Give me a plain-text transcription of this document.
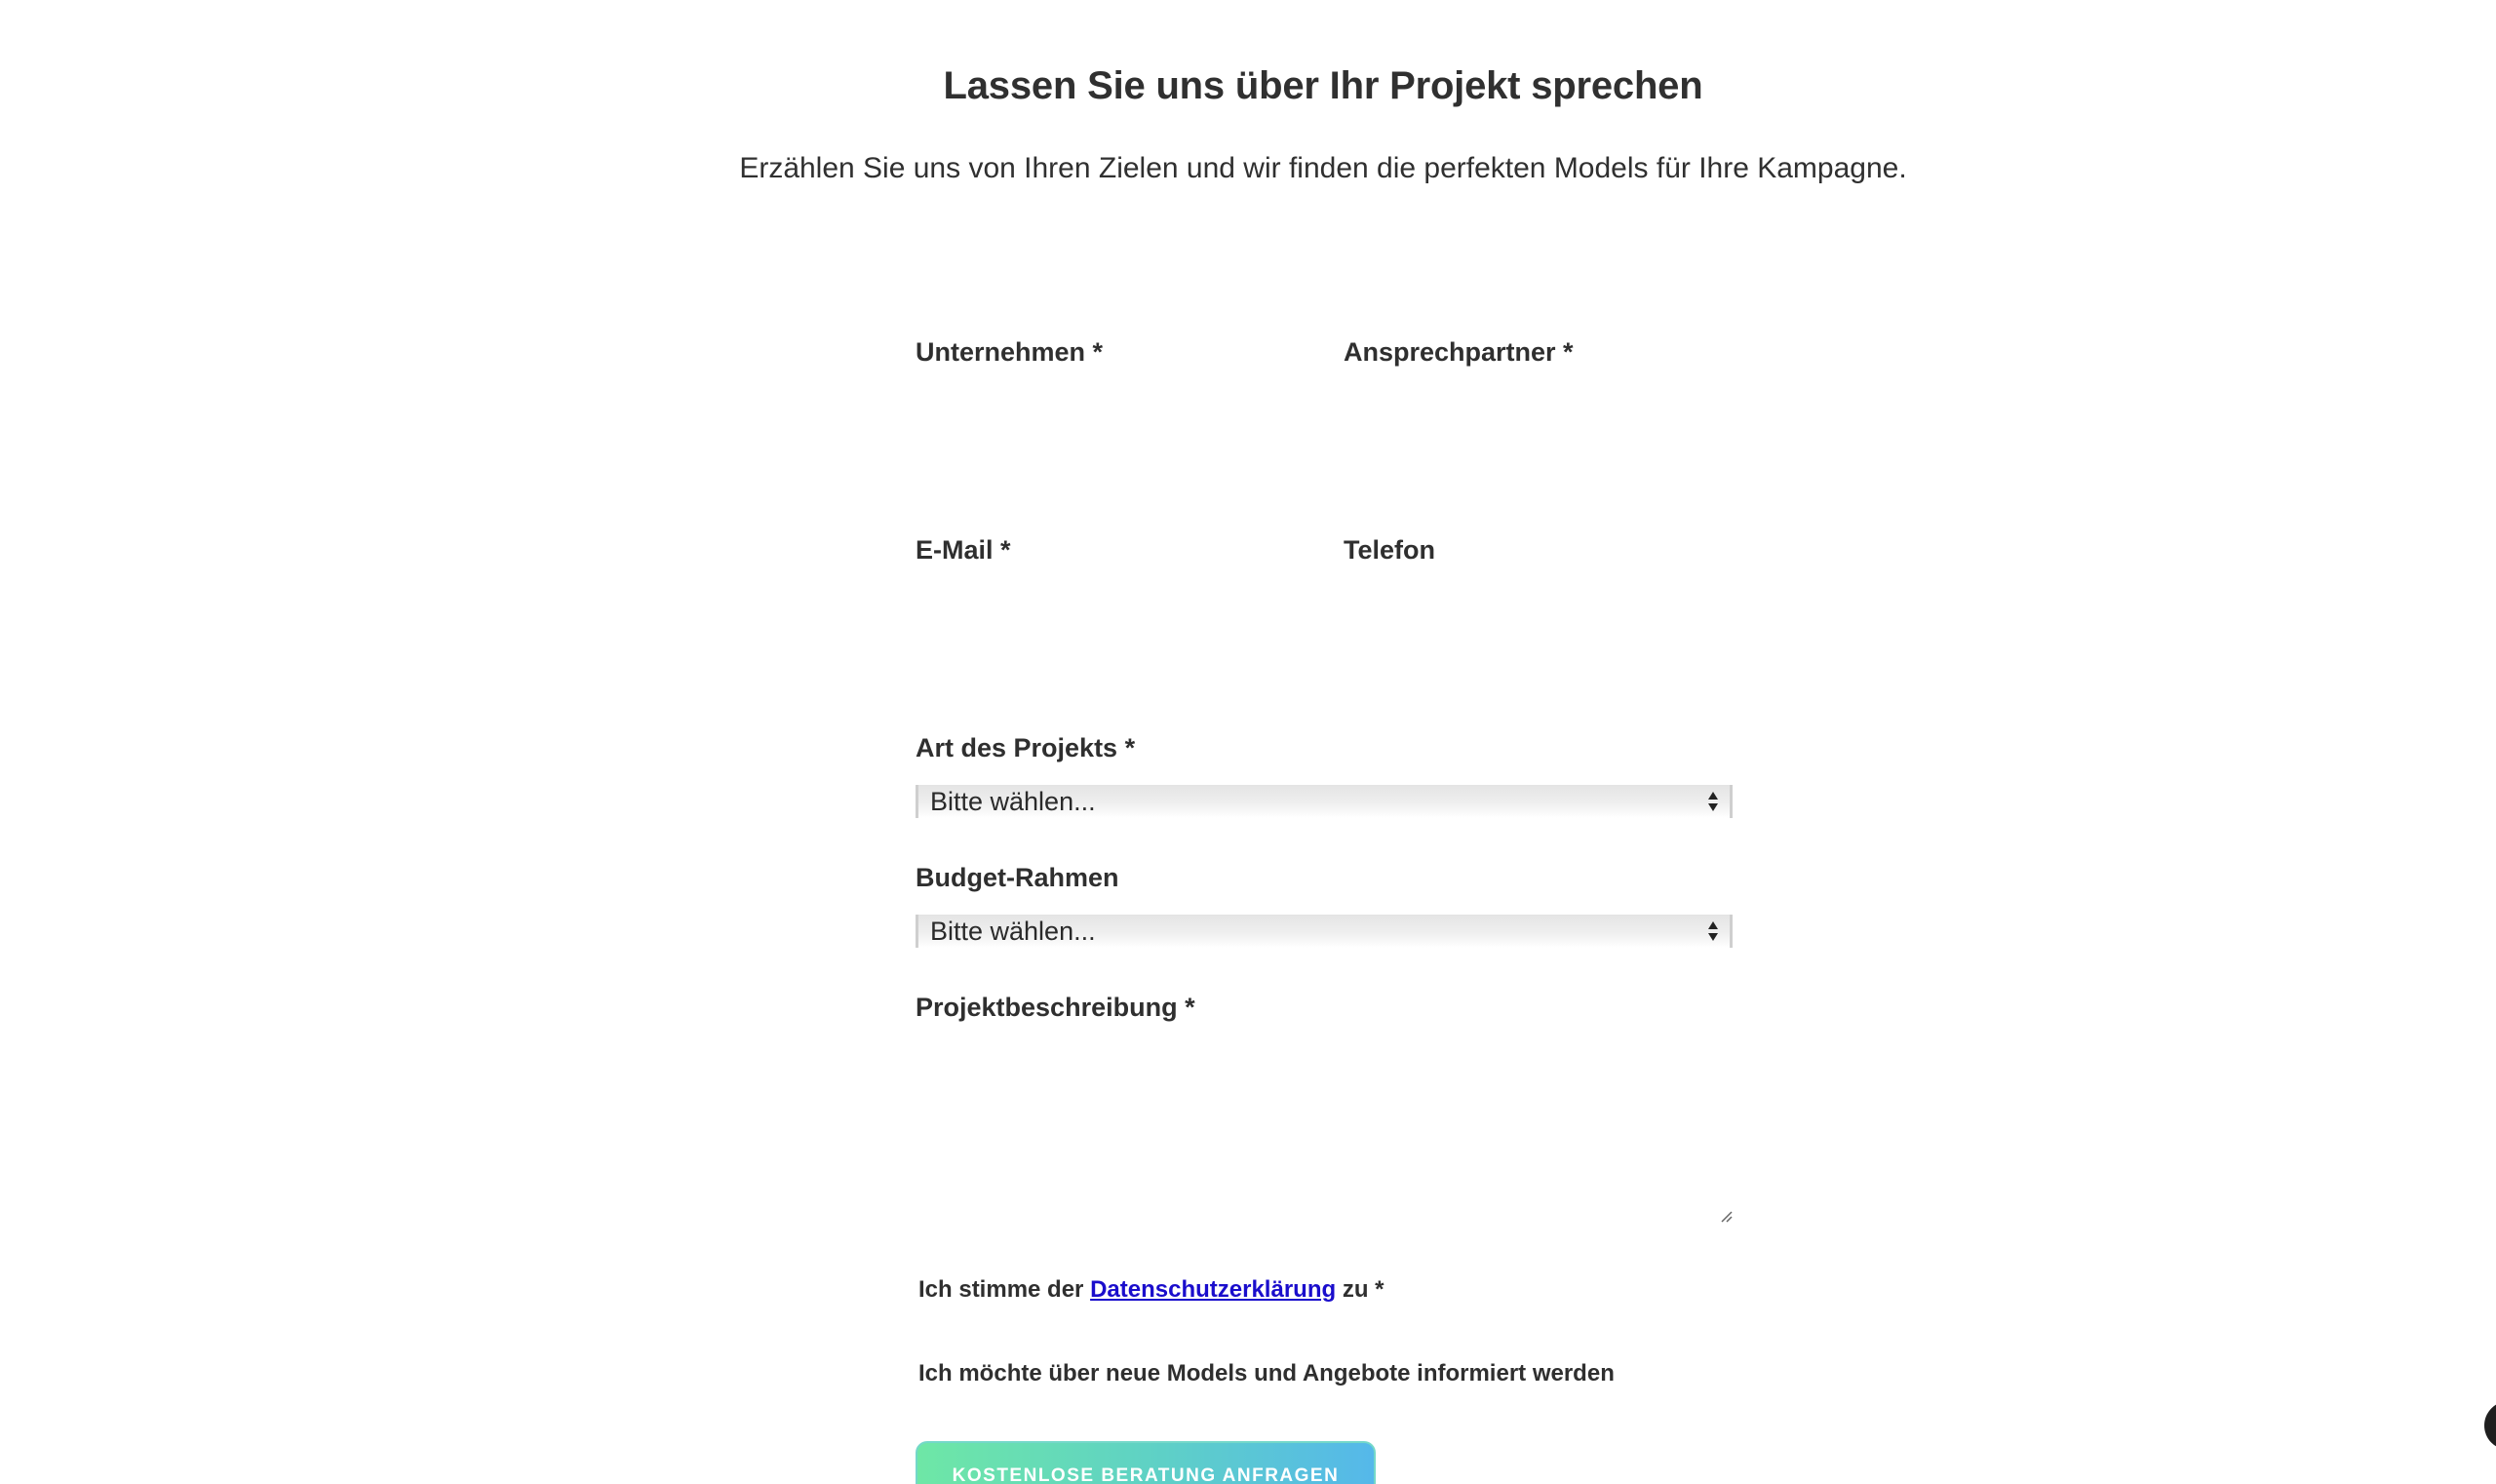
Lassen Sie uns über Ihr Projekt sprechen
Erzählen Sie uns von Ihren Zielen und wir finden die perfekten Models für Ihre Kampagne.
Unternehmen *	Ansprechpartner *
E-Mail *	Telefon
Art des Projekts *
Bitte wählen...
Budget-Rahmen
Bitte wählen...
Projektbeschreibung *
Ich stimme der Datenschutzerklärung zu *
Ich möchte über neue Models und Angebote informiert werden
KOSTENLOSE BERATUNG ANFRAGEN
